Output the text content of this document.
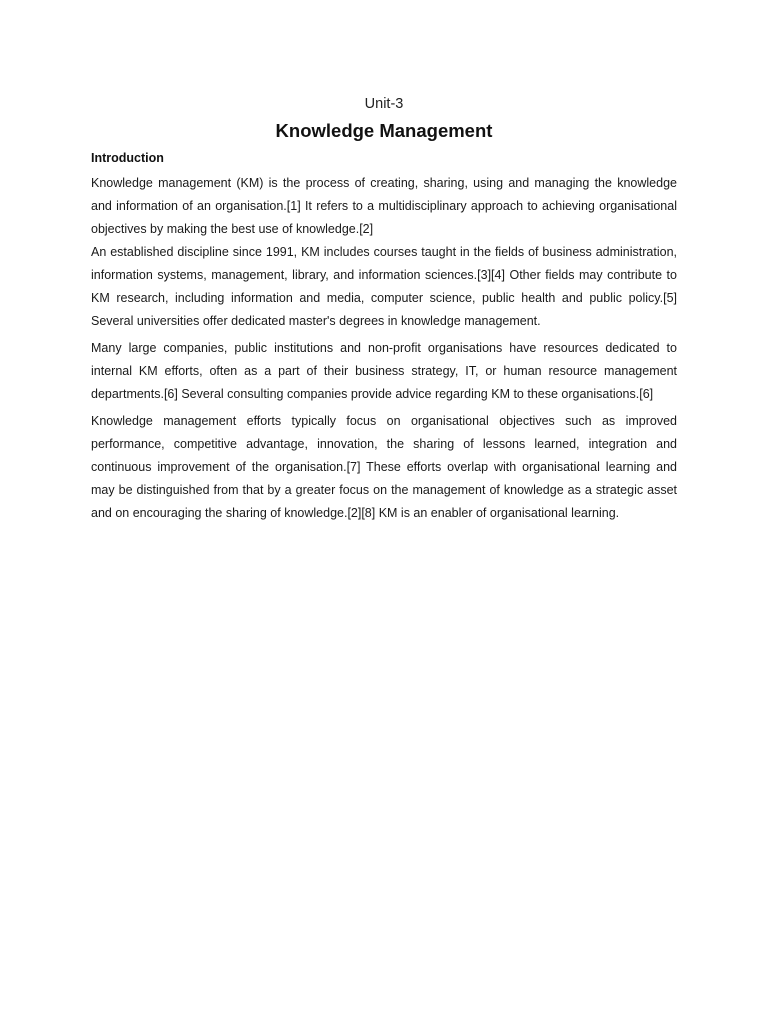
Unit-3
Knowledge Management
Introduction

Knowledge management (KM) is the process of creating, sharing, using and managing the knowledge and information of an organisation.[1] It refers to a multidisciplinary approach to achieving organisational objectives by making the best use of knowledge.[2]

An established discipline since 1991, KM includes courses taught in the fields of business administration, information systems, management, library, and information sciences.[3][4] Other fields may contribute to KM research, including information and media, computer science, public health and public policy.[5] Several universities offer dedicated master's degrees in knowledge management.

Many large companies, public institutions and non-profit organisations have resources dedicated to internal KM efforts, often as a part of their business strategy, IT, or human resource management departments.[6] Several consulting companies provide advice regarding KM to these organisations.[6]

Knowledge management efforts typically focus on organisational objectives such as improved performance, competitive advantage, innovation, the sharing of lessons learned, integration and continuous improvement of the organisation.[7] These efforts overlap with organisational learning and may be distinguished from that by a greater focus on the management of knowledge as a strategic asset and on encouraging the sharing of knowledge.[2][8] KM is an enabler of organisational learning.
